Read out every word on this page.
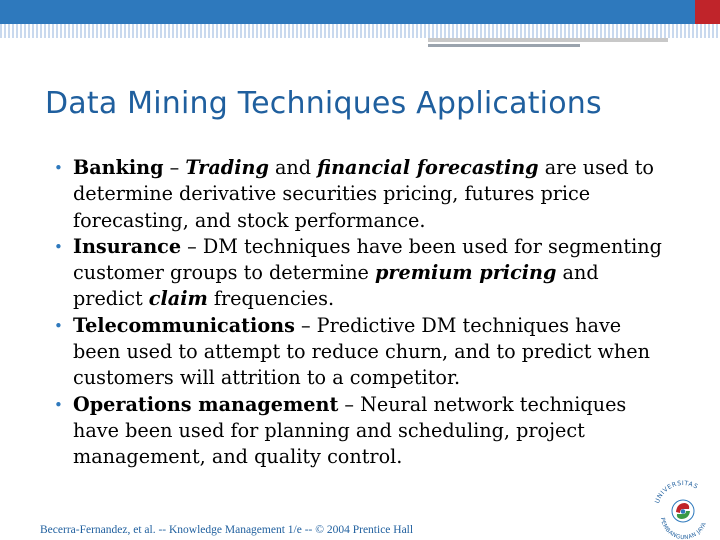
Data Mining Techniques Applications
• Banking – Trading and financial forecasting are used to determine derivative securities pricing, futures price forecasting, and stock performance.
• Insurance – DM techniques have been used for segmenting customer groups to determine premium pricing and predict claim frequencies.
• Telecommunications – Predictive DM techniques have been used to attempt to reduce churn, and to predict when customers will attrition to a competitor.
• Operations management – Neural network techniques have been used for planning and scheduling, project management, and quality control.
Becerra-Fernandez, et al. -- Knowledge Management 1/e -- © 2004 Prentice Hall
UNIVERSITAS
PEMBANGUNAN JAYA
